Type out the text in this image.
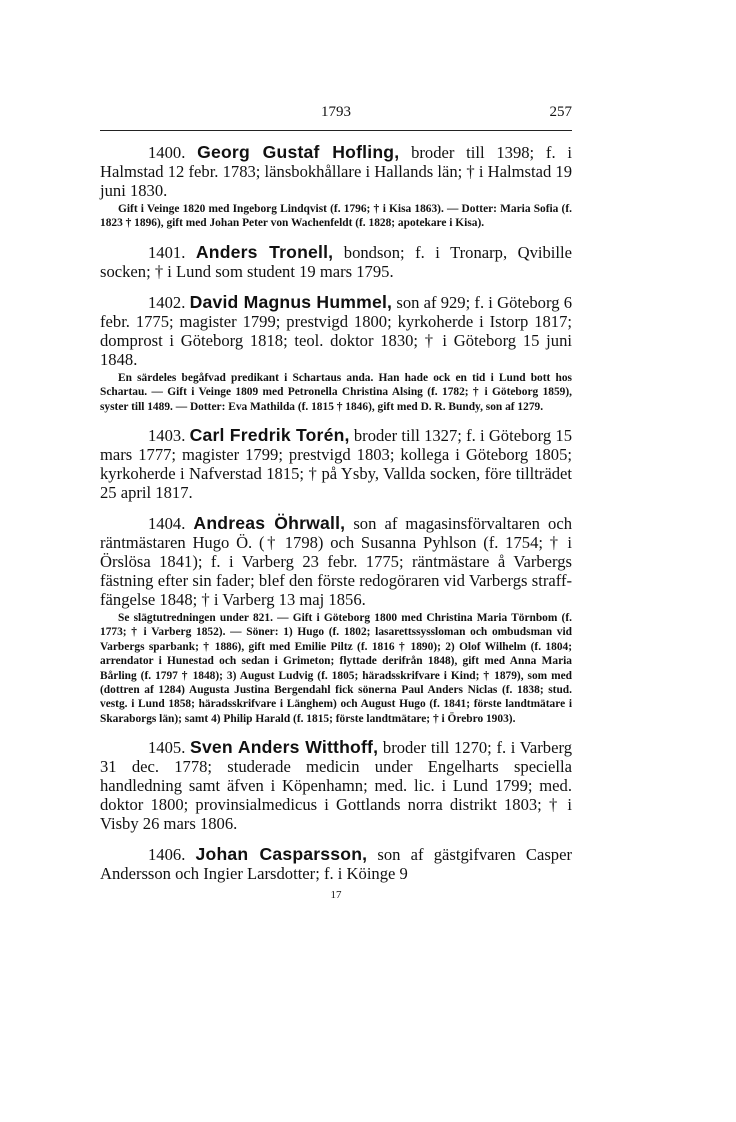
1793	257

1400. Georg Gustaf Hofling, broder till 1398; f. i Halmstad 12 febr. 1783; länsbokhållare i Hallands län; † i Halmstad 19 juni 1830.

Gift i Veinge 1820 med Ingeborg Lindqvist (f. 1796; † i Kisa 1863). — Dotter: Maria Sofia (f. 1823 † 1896), gift med Johan Peter von Wachenfeldt (f. 1828; apotekare i Kisa).

1401. Anders Tronell, bondson; f. i Tronarp, Qvibille socken; † i Lund som student 19 mars 1795.

1402. David Magnus Hummel, son af 929; f. i Göteborg 6 febr. 1775; magister 1799; prestvigd 1800; kyrkoherde i Istorp 1817; domprost i Göteborg 1818; teol. doktor 1830; † i Göteborg 15 juni 1848.

En särdeles begåfvad predikant i Schartaus anda. Han hade ock en tid i Lund bott hos Schartau. — Gift i Veinge 1809 med Petronella Christina Alsing (f. 1782; † i Göteborg 1859), syster till 1489. — Dotter: Eva Mathilda (f. 1815 † 1846), gift med D. R. Bundy, son af 1279.

1403. Carl Fredrik Torén, broder till 1327; f. i Göteborg 15 mars 1777; magister 1799; prestvigd 1803; kollega i Göteborg 1805; kyrkoherde i Nafverstad 1815; † på Ysby, Vallda socken, före tillträdet 25 april 1817.

1404. Andreas Öhrwall, son af magasinsförvaltaren och räntmästaren Hugo Ö. († 1798) och Susanna Pyhlson (f. 1754; † i Örslösa 1841); f. i Varberg 23 febr. 1775; räntmästare å Varbergs fästning efter sin fader; blef den förste redogöraren vid Varbergs straff-fängelse 1848; † i Varberg 13 maj 1856.

Se slägtutredningen under 821. — Gift i Göteborg 1800 med Christina Maria Törnbom (f. 1773; † i Varberg 1852). — Söner: 1) Hugo (f. 1802; lasarettssyssloman och ombudsman vid Varbergs sparbank; † 1886), gift med Emilie Piltz (f. 1816 † 1890); 2) Olof Wilhelm (f. 1804; arrendator i Hunestad och sedan i Grimeton; flyttade derifrån 1848), gift med Anna Maria Bårling (f. 1797 † 1848); 3) August Ludvig (f. 1805; häradsskrifvare i Kind; † 1879), som med (dottren af 1284) Augusta Justina Bergendahl fick sönerna Paul Anders Niclas (f. 1838; stud. vestg. i Lund 1858; häradsskrifvare i Länghem) och August Hugo (f. 1841; förste landtmätare i Skaraborgs län); samt 4) Philip Harald (f. 1815; förste landtmätare; † i Örebro 1903).

1405. Sven Anders Witthoff, broder till 1270; f. i Varberg 31 dec. 1778; studerade medicin under Engelharts speciella handledning samt äfven i Köpenhamn; med. lic. i Lund 1799; med. doktor 1800; provinsialmedicus i Gottlands norra distrikt 1803; † i Visby 26 mars 1806.

1406. Johan Casparsson, son af gästgifvaren Casper Andersson och Ingier Larsdotter; f. i Köinge 9

17
